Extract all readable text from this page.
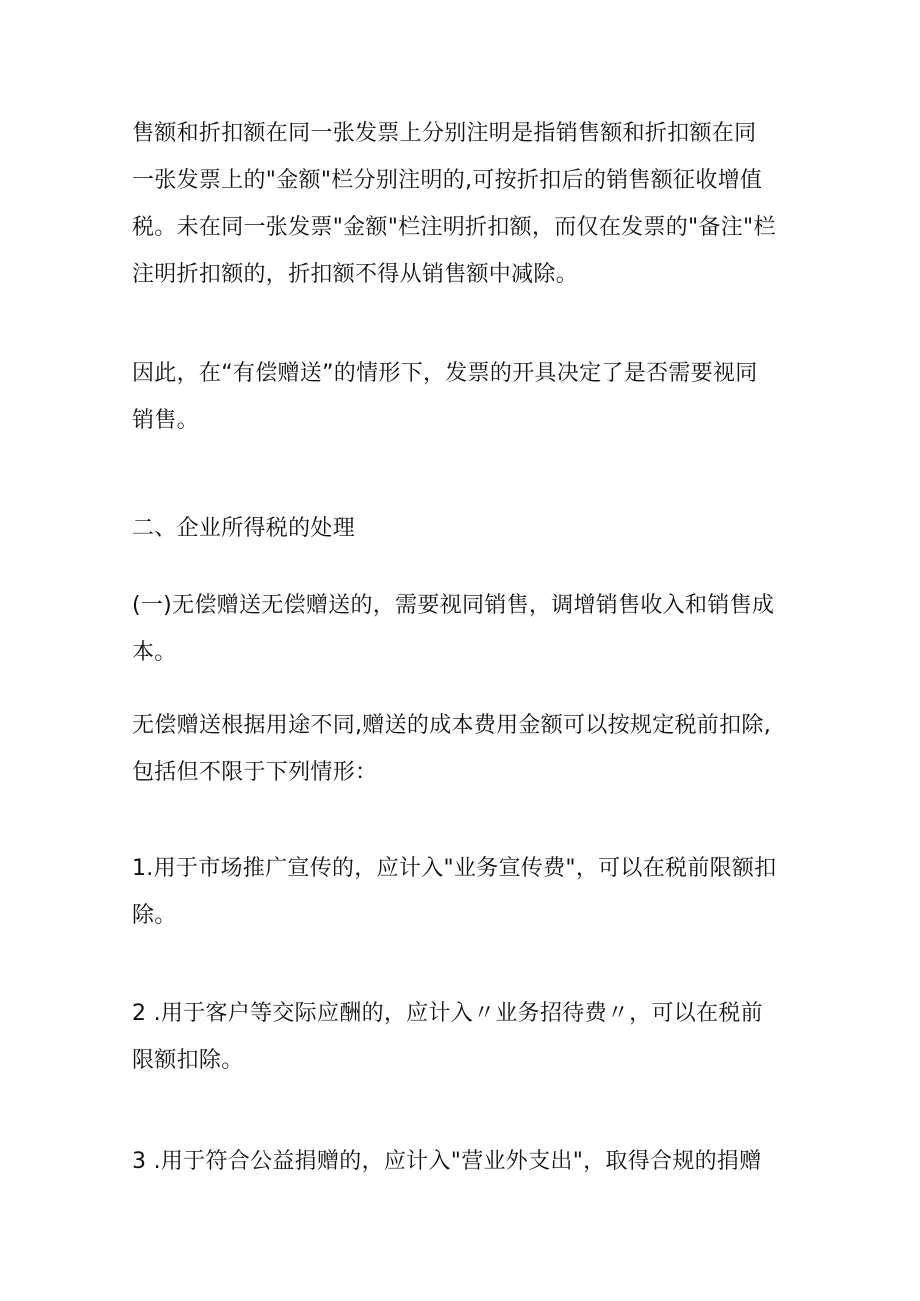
售额和折扣额在同一张发票上分别注明是指销售额和折扣额在同
一张发票上的"金额"栏分别注明的,可按折扣后的销售额征收增值
税。未在同一张发票"金额"栏注明折扣额，而仅在发票的"备注"栏
注明折扣额的，折扣额不得从销售额中减除。

因此，在“有偿赠送”的情形下，发票的开具决定了是否需要视同
销售。

二、企业所得税的处理

(一)无偿赠送无偿赠送的，需要视同销售，调增销售收入和销售成
本。

无偿赠送根据用途不同,赠送的成本费用金额可以按规定税前扣除,
包括但不限于下列情形：

1.用于市场推广宣传的，应计入"业务宣传费"，可以在税前限额扣
除。

2 .用于客户等交际应酬的，应计入〃业务招待费〃，可以在税前
限额扣除。

3 .用于符合公益捐赠的，应计入"营业外支出"，取得合规的捐赠
